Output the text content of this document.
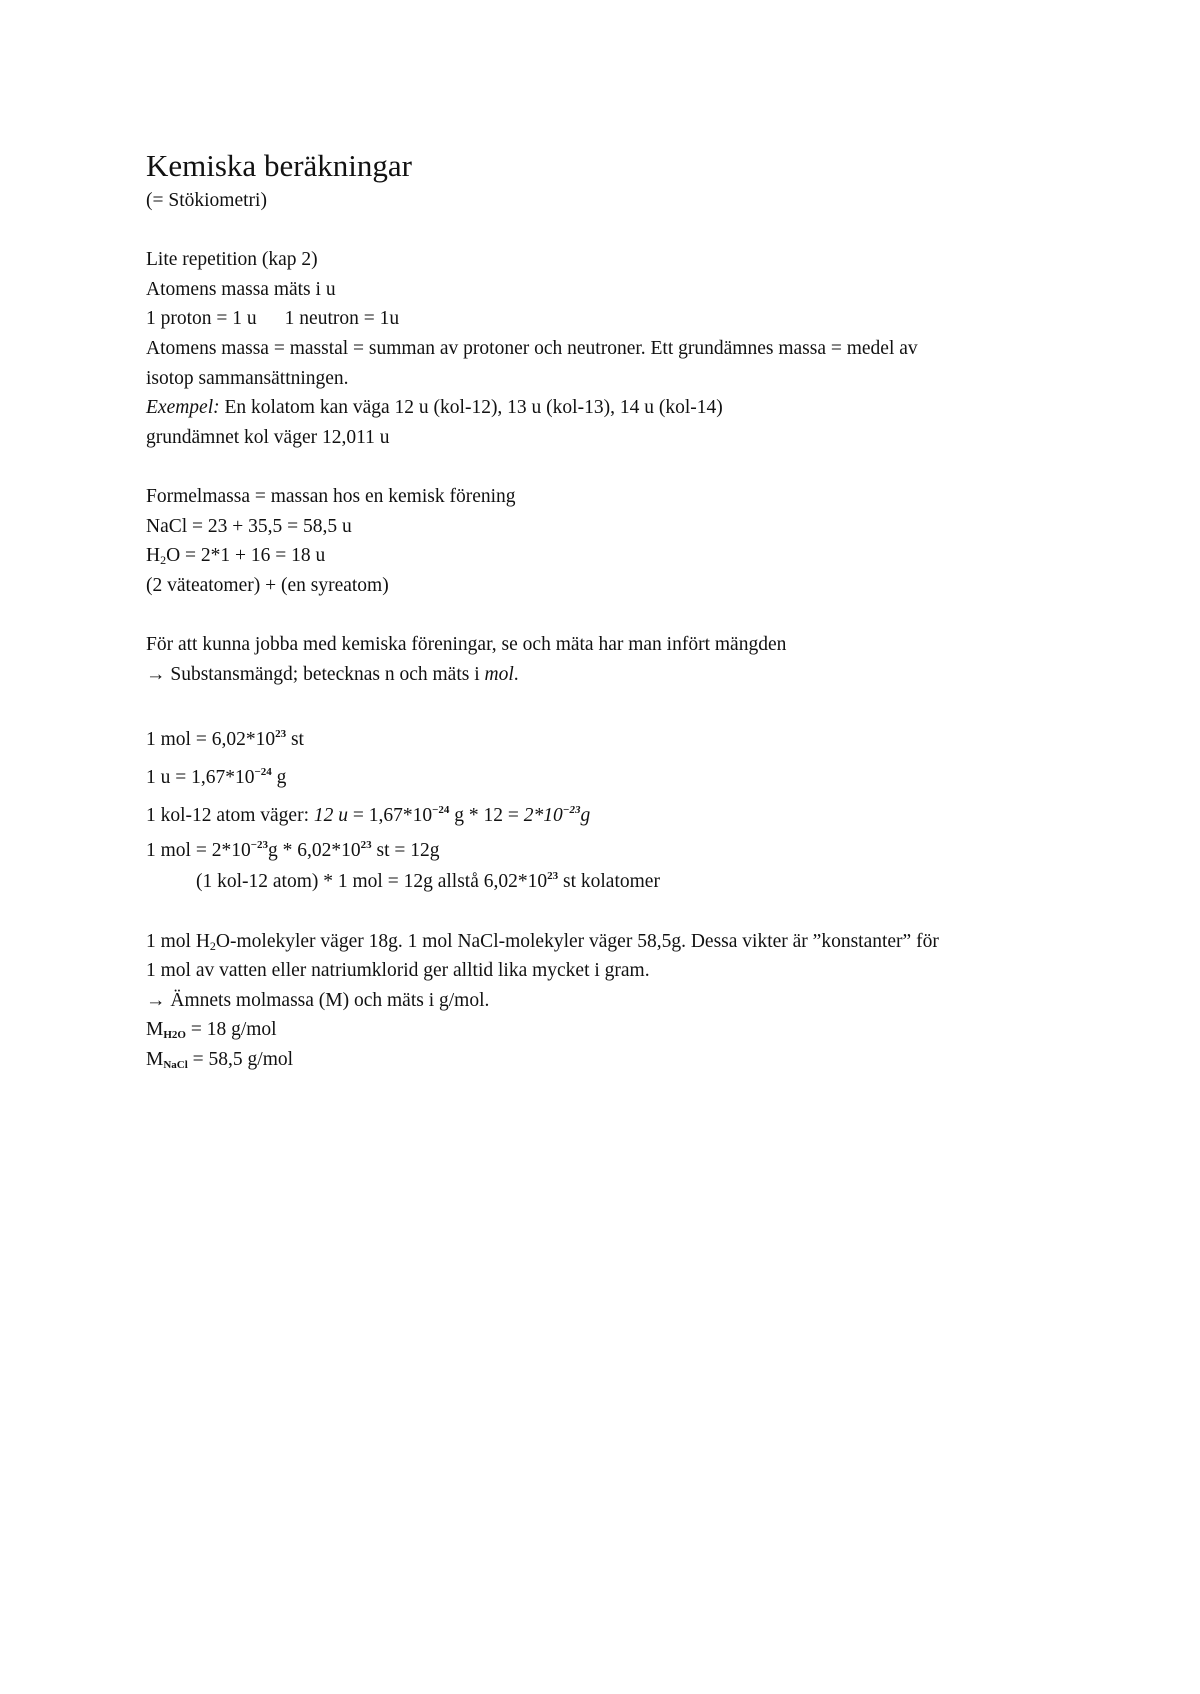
Kemiska beräkningar
(= Stökiometri)
Lite repetition (kap 2)
Atomens massa mäts i u
1 proton = 1 u 1 neutron = 1u
Atomens massa = masstal = summan av protoner och neutroner. Ett grundämnes massa = medel av
isotop sammansättningen.
Exempel: En kolatom kan väga 12 u (kol-12), 13 u (kol-13), 14 u (kol-14)
grundämnet kol väger 12,011 u
Formelmassa = massan hos en kemisk förening
NaCl = 23 + 35,5 = 58,5 u
$H_2O = 2*1 + 16 = 18$ u
(2 väteatomer) + (en syreatom)
För att kunna jobba med kemiska föreningar, se och mäta har man infört mängden
→ Substansmängd; betecknas n och mäts i mol.
1 mol = $6,02*10^{23}$ st
1 $u = 1,67*10^{-24}$ g
1 kol-12 atom väger: 12 $u = 1,67*10^{-24}$ $g * 12 = 2*10^{-23}g$
1 mol = $2*10^{-23}g * 6,02*10^{23}$ st = 12g
(1 kol-12 atom) * 1 mol = 12g allstå $6,02*10^{23}$ st kolatomer
1 mol $H_2O$-molekyler väger 18g. 1 mol NaCl-molekyler väger 58,5g. Dessa vikter är ”konstanter” för
1 mol av vatten eller natriumklorid ger alltid lika mycket i gram.
→ Ämnets molmassa (M) och mäts i g/mol.
$M_{H2O} = 18$ g/mol
$M_{NaCl} = 58,5$ g/mol
